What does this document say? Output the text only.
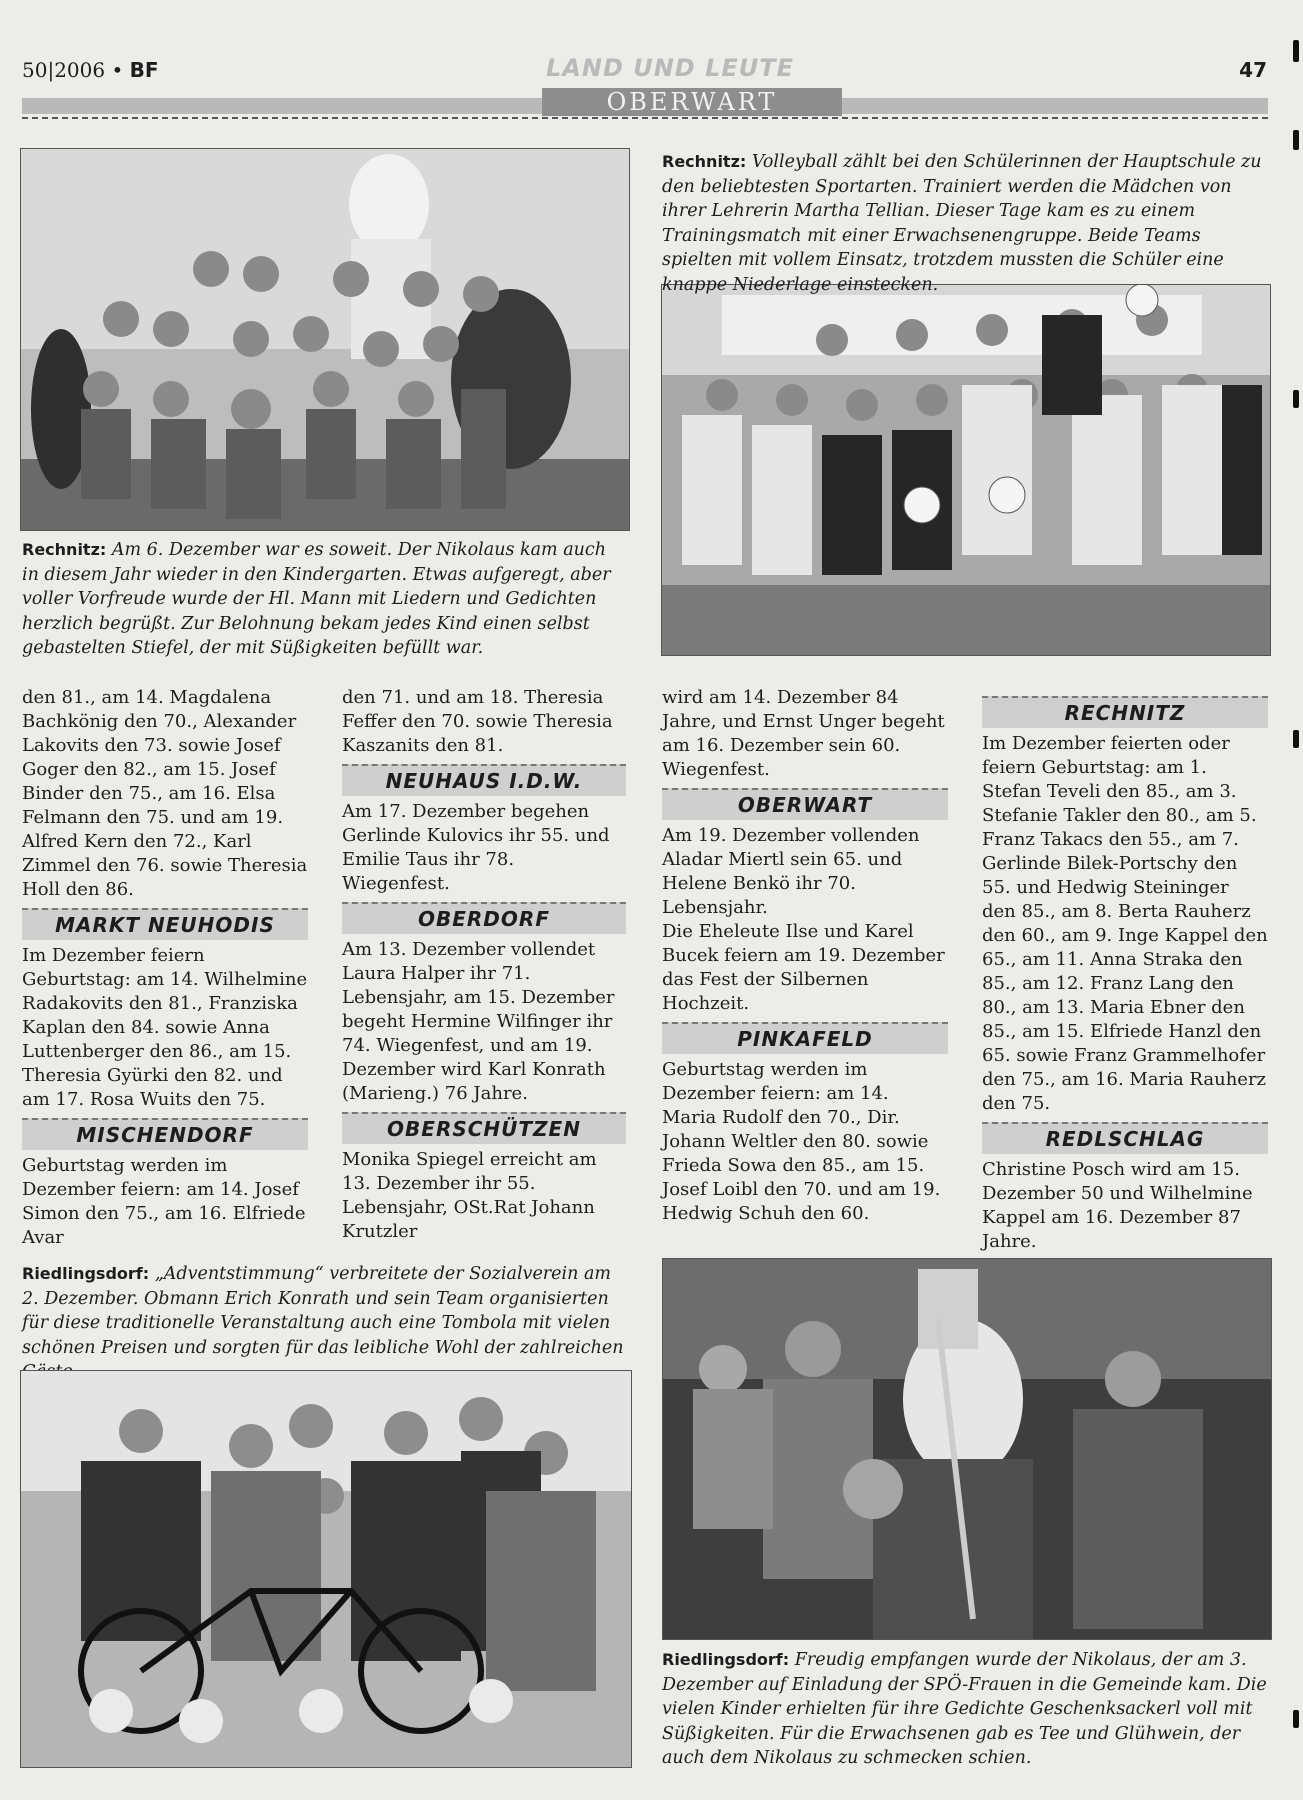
50|2006 • BF	LAND UND LEUTE	47
OBERWART
Rechnitz: Volleyball zählt bei den Schülerinnen der Hauptschule zu den beliebtesten Sportarten. Trainiert werden die Mädchen von ihrer Lehrerin Martha Tellian. Dieser Tage kam es zu einem Trainingsmatch mit einer Erwachsenengruppe. Beide Teams spielten mit vollem Einsatz, trotzdem mussten die Schüler eine knappe Niederlage einstecken.
Rechnitz: Am 6. Dezember war es soweit. Der Nikolaus kam auch in diesem Jahr wieder in den Kindergarten. Etwas aufgeregt, aber voller Vorfreude wurde der Hl. Mann mit Liedern und Gedichten herzlich begrüßt. Zur Belohnung bekam jedes Kind einen selbst gebastelten Stiefel, der mit Süßigkeiten befüllt war.

den 81., am 14. Magdalena Bachkönig den 70., Alexander Lakovits den 73. sowie Josef Goger den 82., am 15. Josef Binder den 75., am 16. Elsa Felmann den 75. und am 19. Alfred Kern den 72., Karl Zimmel den 76. sowie Theresia Holl den 86.

MARKT NEUHODIS

Im Dezember feiern Geburtstag: am 14. Wilhelmine Radakovits den 81., Franziska Kaplan den 84. sowie Anna Luttenberger den 86., am 15. Theresia Gyürki den 82. und am 17. Rosa Wuits den 75.

MISCHENDORF

Geburtstag werden im Dezember feiern: am 14. Josef Simon den 75., am 16. Elfriede Avar

den 71. und am 18. Theresia Feffer den 70. sowie Theresia Kaszanits den 81.

NEUHAUS I.D.W.

Am 17. Dezember begehen Gerlinde Kulovics ihr 55. und Emilie Taus ihr 78. Wiegenfest.

OBERDORF

Am 13. Dezember vollendet Laura Halper ihr 71. Lebensjahr, am 15. Dezember begeht Hermine Wilfinger ihr 74. Wiegenfest, und am 19. Dezember wird Karl Konrath (Marieng.) 76 Jahre.

OBERSCHÜTZEN

Monika Spiegel erreicht am 13. Dezember ihr 55. Lebensjahr, OSt.Rat Johann Krutzler

wird am 14. Dezember 84 Jahre, und Ernst Unger begeht am 16. Dezember sein 60. Wiegenfest.

OBERWART

Am 19. Dezember vollenden Aladar Miertl sein 65. und Helene Benkö ihr 70. Lebensjahr.

Die Eheleute Ilse und Karel Bucek feiern am 19. Dezember das Fest der Silbernen Hochzeit.

PINKAFELD

Geburtstag werden im Dezember feiern: am 14. Maria Rudolf den 70., Dir. Johann Weltler den 80. sowie Frieda Sowa den 85., am 15. Josef Loibl den 70. und am 19. Hedwig Schuh den 60.

RECHNITZ

Im Dezember feierten oder feiern Geburtstag: am 1. Stefan Teveli den 85., am 3. Stefanie Takler den 80., am 5. Franz Takacs den 55., am 7. Gerlinde Bilek-Portschy den 55. und Hedwig Steininger den 85., am 8. Berta Rauherz den 60., am 9. Inge Kappel den 65., am 11. Anna Straka den 85., am 12. Franz Lang den 80., am 13. Maria Ebner den 85., am 15. Elfriede Hanzl den 65. sowie Franz Grammelhofer den 75., am 16. Maria Rauherz den 75.

REDLSCHLAG

Christine Posch wird am 15. Dezember 50 und Wilhelmine Kappel am 16. Dezember 87 Jahre.

Riedlingsdorf: „Adventstimmung“ verbreitete der Sozialverein am 2. Dezember. Obmann Erich Konrath und sein Team organisierten für diese traditionelle Veranstaltung auch eine Tombola mit vielen schönen Preisen und sorgten für das leibliche Wohl der zahlreichen
Riedlingsdorf: Freudig empfangen wurde der Nikolaus, der am 3. Dezember auf Einladung der SPÖ-Frauen in die Gemeinde kam. Die vielen Kinder erhielten für ihre Gedichte Geschenksackerl voll mit Süßigkeiten. Für die Erwachsenen gab es Tee und Glühwein, der auch dem Nikolaus zu schmecken schien.
